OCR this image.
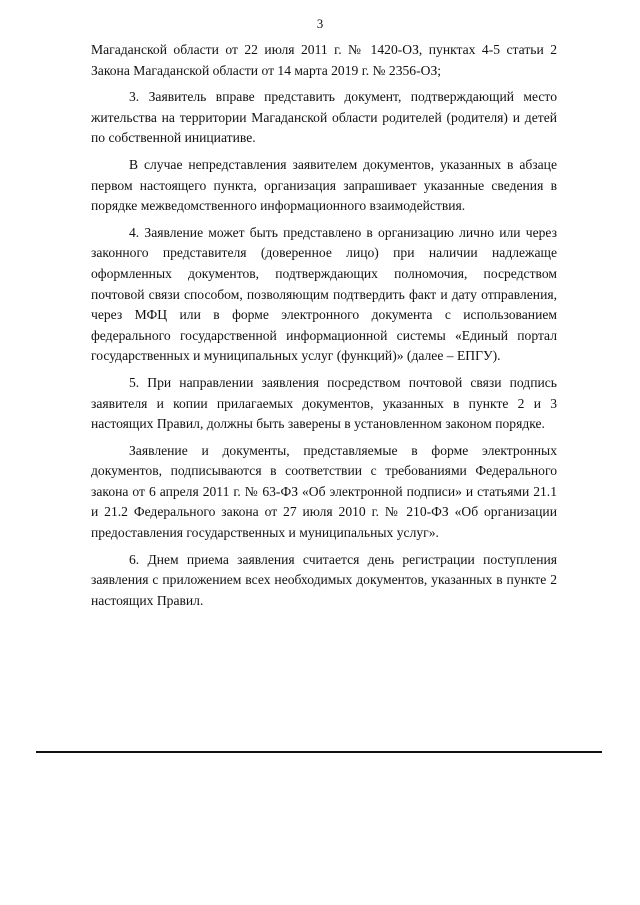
3

Магаданской области от 22 июля 2011 г. № 1420-ОЗ, пунктах 4-5 статьи 2 Закона Магаданской области от 14 марта 2019 г. № 2356-ОЗ;

3. Заявитель вправе представить документ, подтверждающий место жительства на территории Магаданской области родителей (родителя) и детей по собственной инициативе.

В случае непредставления заявителем документов, указанных в абзаце первом настоящего пункта, организация запрашивает указанные сведения в порядке межведомственного информационного взаимодействия.

4. Заявление может быть представлено в организацию лично или через законного представителя (доверенное лицо) при наличии надлежаще оформленных документов, подтверждающих полномочия, посредством почтовой связи способом, позволяющим подтвердить факт и дату отправления, через МФЦ или в форме электронного документа с использованием федерального государственной информационной системы «Единый портал государственных и муниципальных услуг (функций)» (далее – ЕПГУ).

5. При направлении заявления посредством почтовой связи подпись заявителя и копии прилагаемых документов, указанных в пункте 2 и 3 настоящих Правил, должны быть заверены в установленном законом порядке.

Заявление и документы, представляемые в форме электронных документов, подписываются в соответствии с требованиями Федерального закона от 6 апреля 2011 г. № 63-ФЗ «Об электронной подписи» и статьями 21.1 и 21.2 Федерального закона от 27 июля 2010 г. № 210-ФЗ «Об организации предоставления государственных и муниципальных услуг».

6. Днем приема заявления считается день регистрации поступления заявления с приложением всех необходимых документов, указанных в пункте 2 настоящих Правил.
